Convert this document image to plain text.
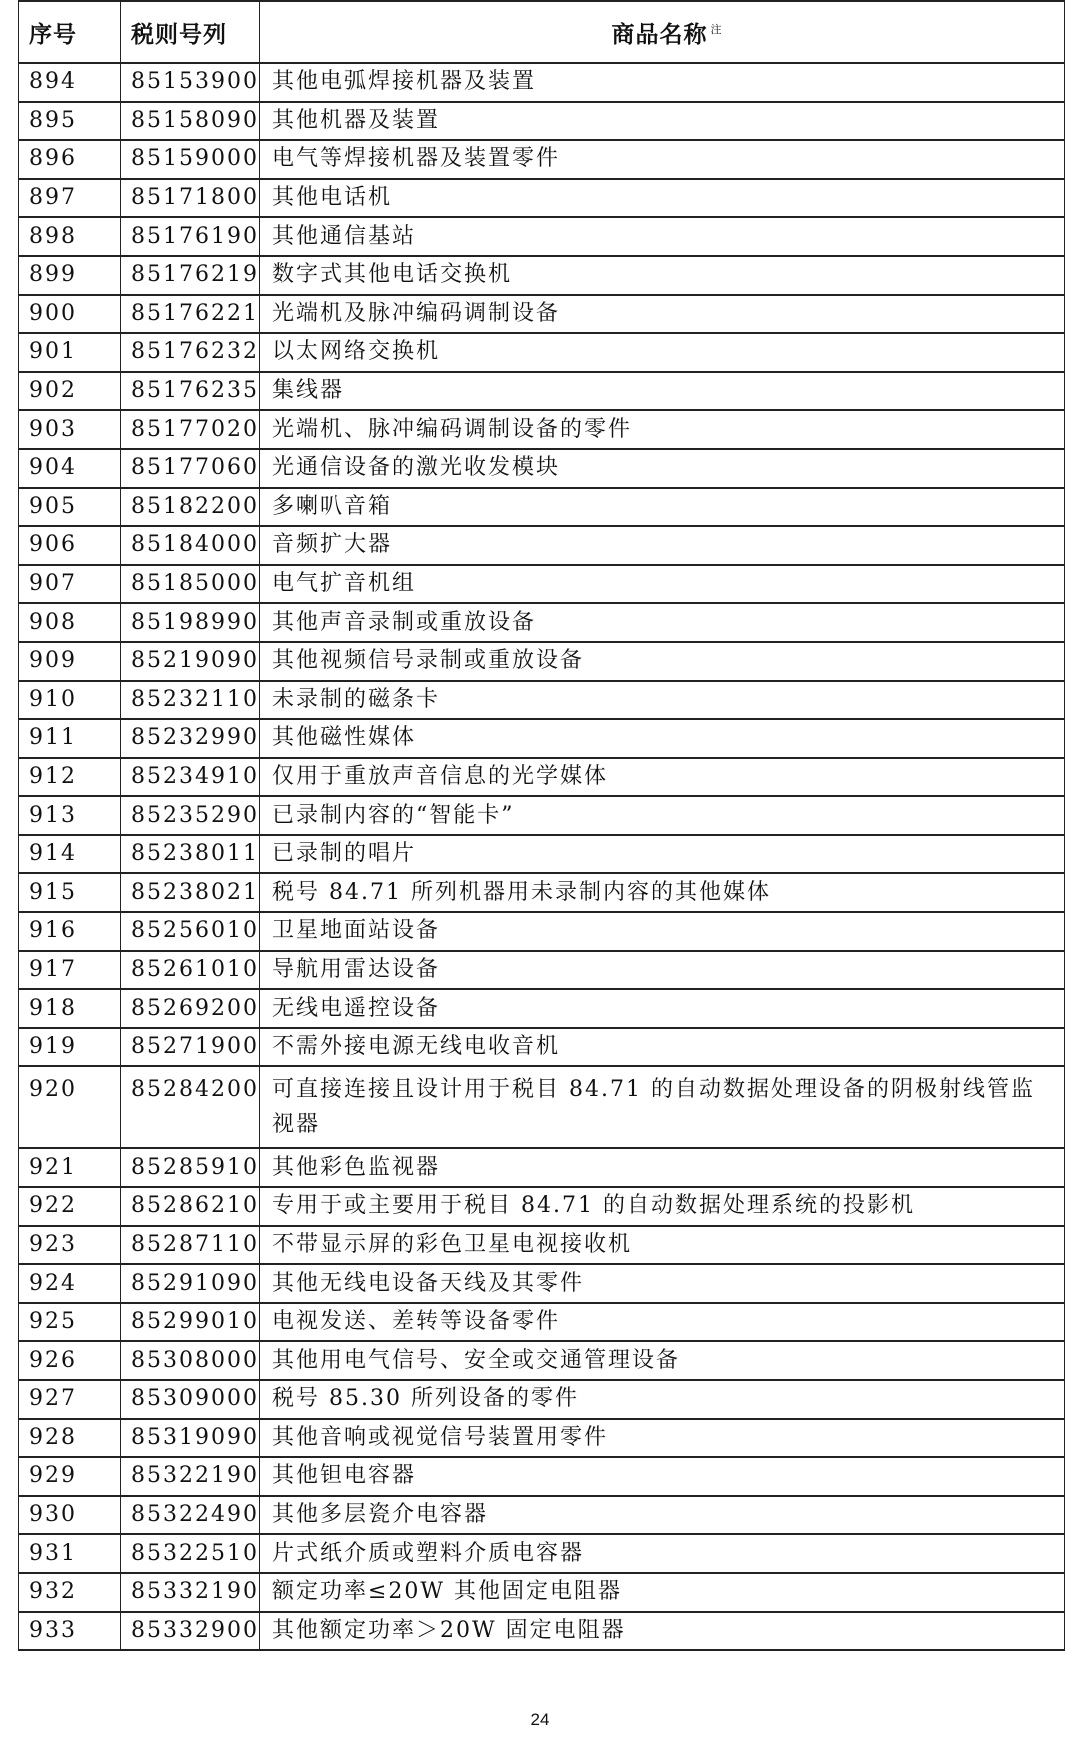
序号	税则号列	商品名称 $^注$
894	85153900	其他电弧焊接机器及装置
895	85158090	其他机器及装置
896	85159000	电气等焊接机器及装置零件
897	85171800	其他电话机
898	85176190	其他通信基站
899	85176219	数字式其他电话交换机
900	85176221	光端机及脉冲编码调制设备
901	85176232	以太网络交换机
902	85176235	集线器
903	85177020	光端机、脉冲编码调制设备的零件
904	85177060	光通信设备的激光收发模块
905	85182200	多喇叭音箱
906	85184000	音频扩大器
907	85185000	电气扩音机组
908	85198990	其他声音录制或重放设备
909	85219090	其他视频信号录制或重放设备
910	85232110	未录制的磁条卡
911	85232990	其他磁性媒体
912	85234910	仅用于重放声音信息的光学媒体
913	85235290	已录制内容的“智能卡”
914	85238011	已录制的唱片
915	85238021	税号 84.71 所列机器用未录制内容的其他媒体
916	85256010	卫星地面站设备
917	85261010	导航用雷达设备
918	85269200	无线电遥控设备
919	85271900	不需外接电源无线电收音机
920	85284200	可直接连接且设计用于税目 84.71 的自动数据处理设备的阴极射线管监视器
921	85285910	其他彩色监视器
922	85286210	专用于或主要用于税目 84.71 的自动数据处理系统的投影机
923	85287110	不带显示屏的彩色卫星电视接收机
924	85291090	其他无线电设备天线及其零件
925	85299010	电视发送、差转等设备零件
926	85308000	其他用电气信号、安全或交通管理设备
927	85309000	税号 85.30 所列设备的零件
928	85319090	其他音响或视觉信号装置用零件
929	85322190	其他钽电容器
930	85322490	其他多层瓷介电容器
931	85322510	片式纸介质或塑料介质电容器
932	85332190	额定功率≤20W 其他固定电阻器
933	85332900	其他额定功率＞20W 固定电阻器
24
